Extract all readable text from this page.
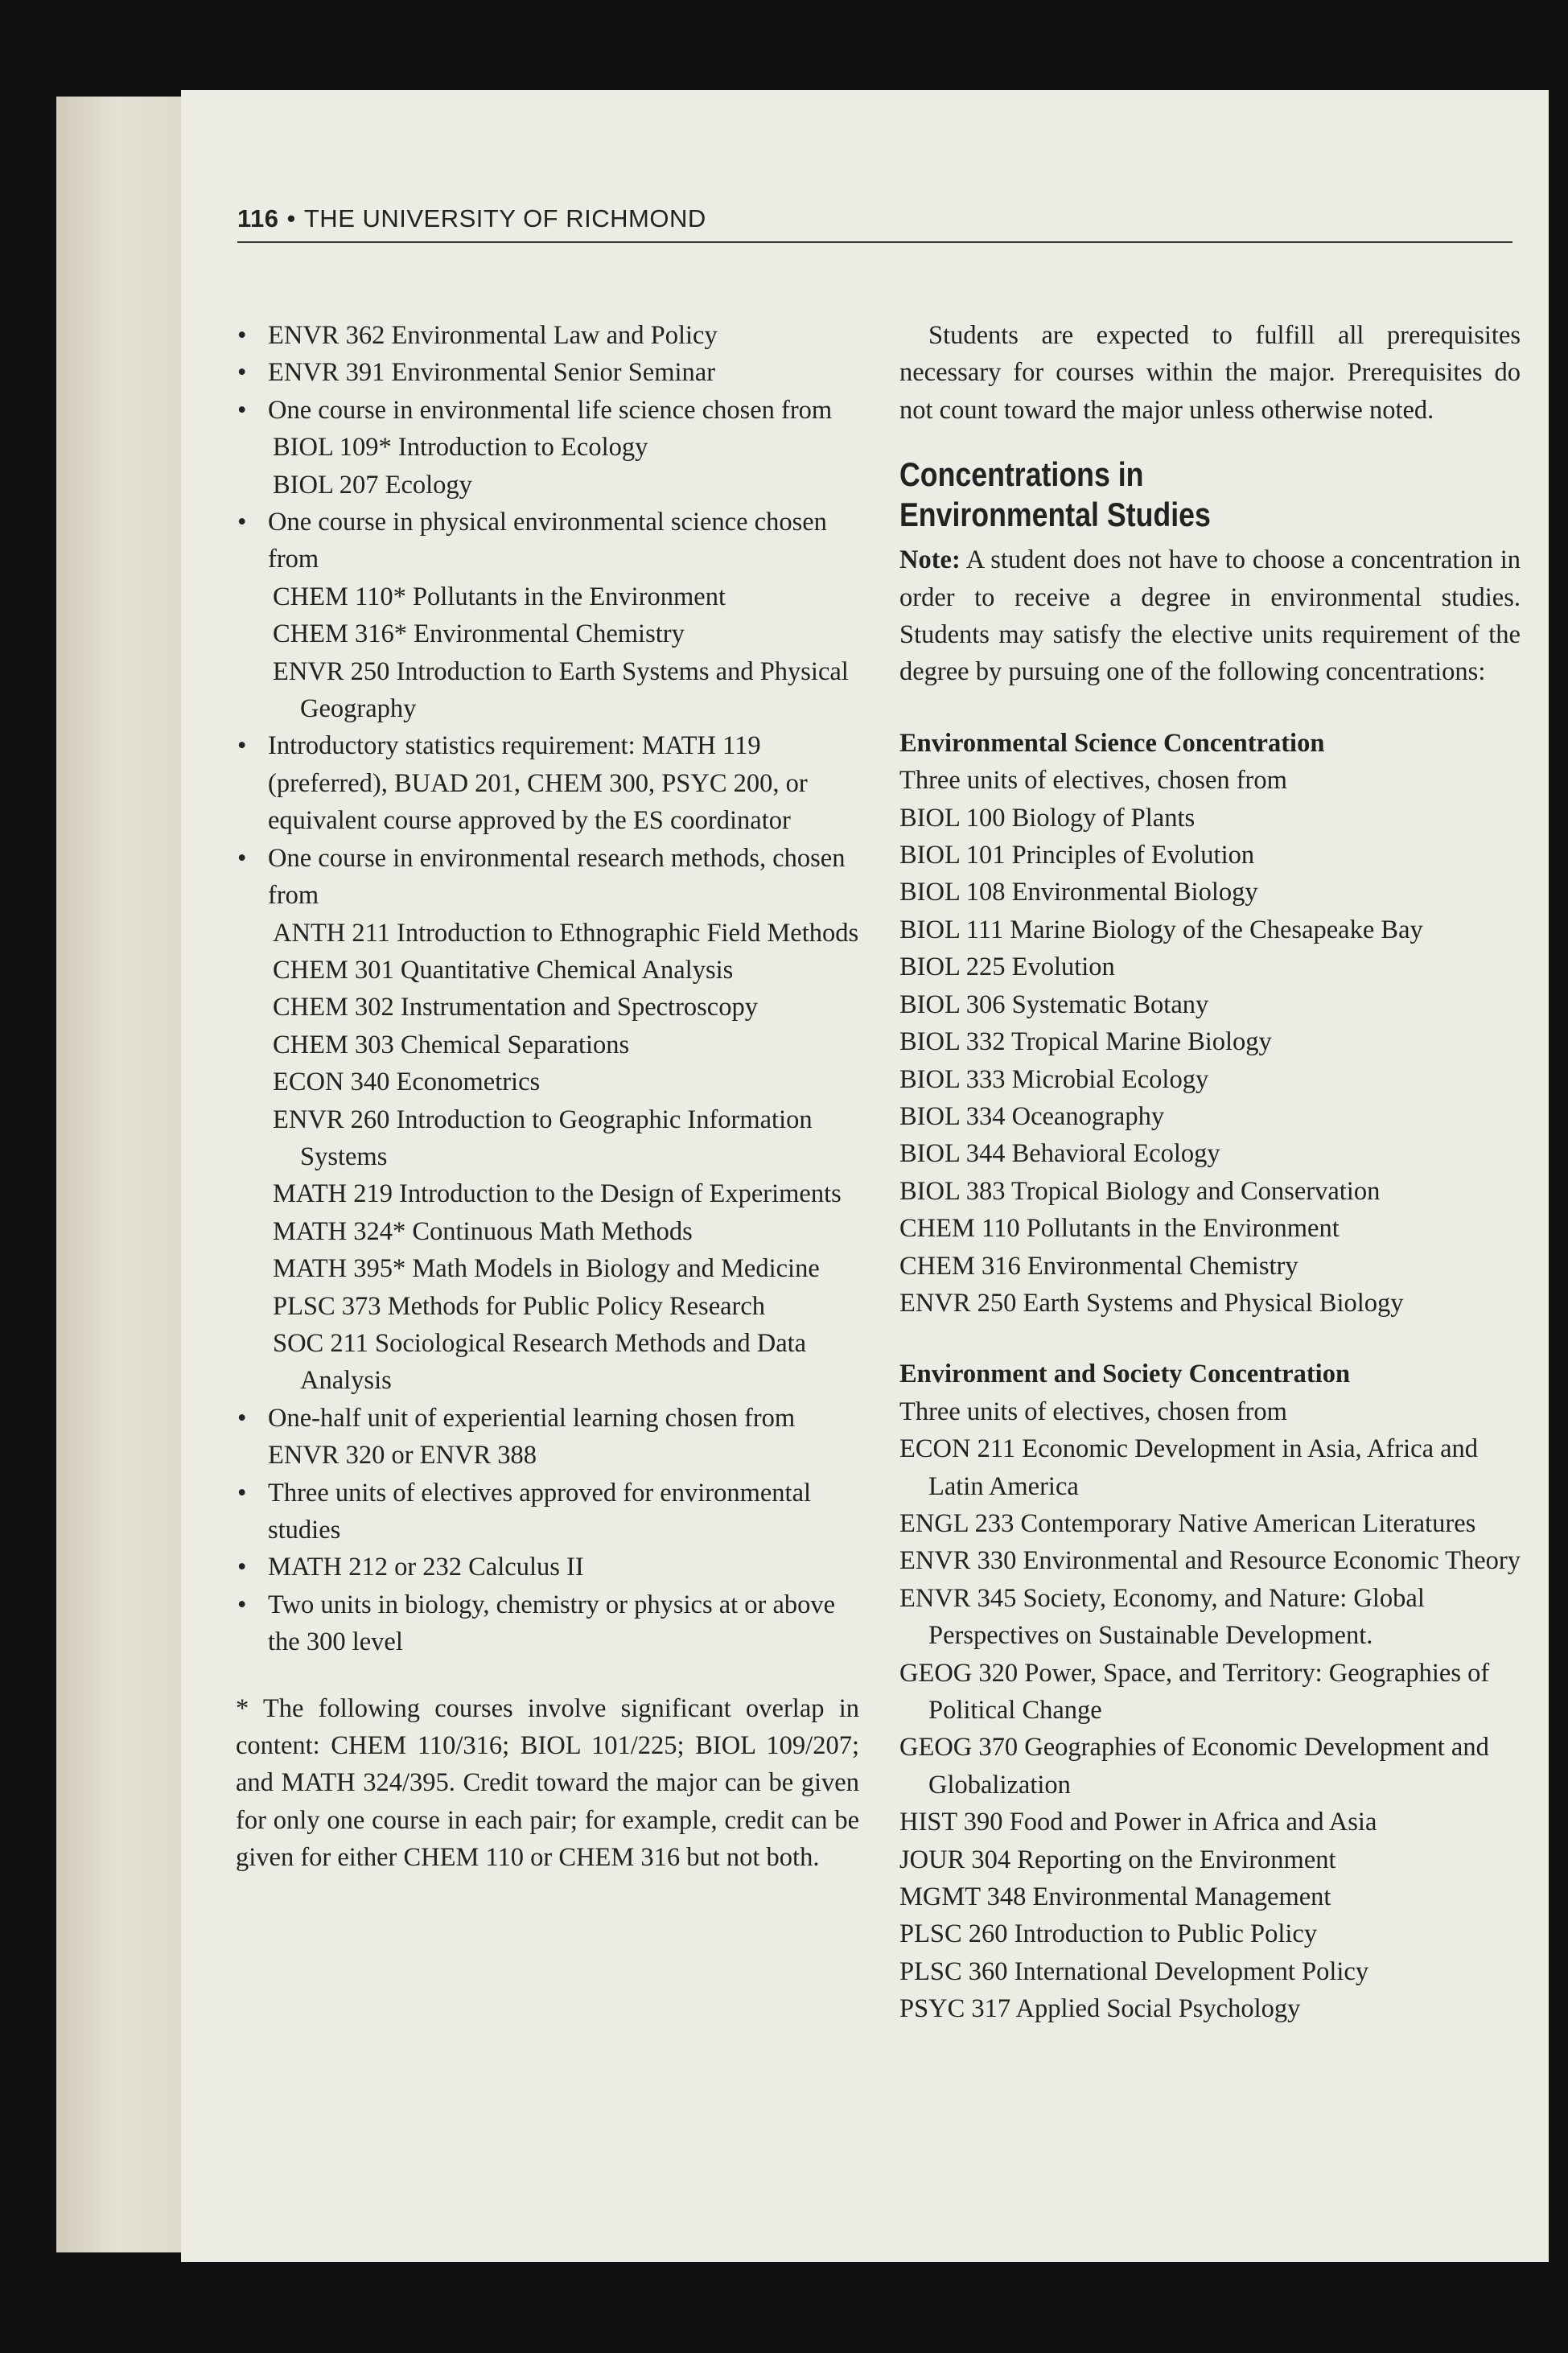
116 • THE UNIVERSITY OF RICHMOND
• ENVR 362 Environmental Law and Policy
• ENVR 391 Environmental Senior Seminar
• One course in environmental life science chosen from
BIOL 109* Introduction to Ecology
BIOL 207 Ecology
• One course in physical environmental science chosen from
CHEM 110* Pollutants in the Environment
CHEM 316* Environmental Chemistry
ENVR 250 Introduction to Earth Systems and Physical Geography
• Introductory statistics requirement: MATH 119 (preferred), BUAD 201, CHEM 300, PSYC 200, or equivalent course approved by the ES coordinator
• One course in environmental research methods, chosen from
ANTH 211 Introduction to Ethnographic Field Methods
CHEM 301 Quantitative Chemical Analysis
CHEM 302 Instrumentation and Spectroscopy
CHEM 303 Chemical Separations
ECON 340 Econometrics
ENVR 260 Introduction to Geographic Information Systems
MATH 219 Introduction to the Design of Experiments
MATH 324* Continuous Math Methods
MATH 395* Math Models in Biology and Medicine
PLSC 373 Methods for Public Policy Research
SOC 211 Sociological Research Methods and Data Analysis
• One-half unit of experiential learning chosen from ENVR 320 or ENVR 388
• Three units of electives approved for environmental studies
• MATH 212 or 232 Calculus II
• Two units in biology, chemistry or physics at or above the 300 level

* The following courses involve significant overlap in content: CHEM 110/316; BIOL 101/225; BIOL 109/207; and MATH 324/395. Credit toward the major can be given for only one course in each pair; for example, credit can be given for either CHEM 110 or CHEM 316 but not both.

Students are expected to fulfill all prerequisites necessary for courses within the major. Prerequisites do not count toward the major unless otherwise noted.

Concentrations in
Environmental Studies

Note: A student does not have to choose a concentration in order to receive a degree in environmental studies. Students may satisfy the elective units requirement of the degree by pursuing one of the following concentrations:

Environmental Science Concentration
Three units of electives, chosen from
BIOL 100 Biology of Plants
BIOL 101 Principles of Evolution
BIOL 108 Environmental Biology
BIOL 111 Marine Biology of the Chesapeake Bay
BIOL 225 Evolution
BIOL 306 Systematic Botany
BIOL 332 Tropical Marine Biology
BIOL 333 Microbial Ecology
BIOL 334 Oceanography
BIOL 344 Behavioral Ecology
BIOL 383 Tropical Biology and Conservation
CHEM 110 Pollutants in the Environment
CHEM 316 Environmental Chemistry
ENVR 250 Earth Systems and Physical Biology
Environment and Society Concentration
Three units of electives, chosen from
ECON 211 Economic Development in Asia, Africa and Latin America
ENGL 233 Contemporary Native American Literatures
ENVR 330 Environmental and Resource Economic Theory
ENVR 345 Society, Economy, and Nature: Global Perspectives on Sustainable Development.
GEOG 320 Power, Space, and Territory: Geographies of Political Change
GEOG 370 Geographies of Economic Development and Globalization
HIST 390 Food and Power in Africa and Asia
JOUR 304 Reporting on the Environment
MGMT 348 Environmental Management
PLSC 260 Introduction to Public Policy
PLSC 360 International Development Policy
PSYC 317 Applied Social Psychology
